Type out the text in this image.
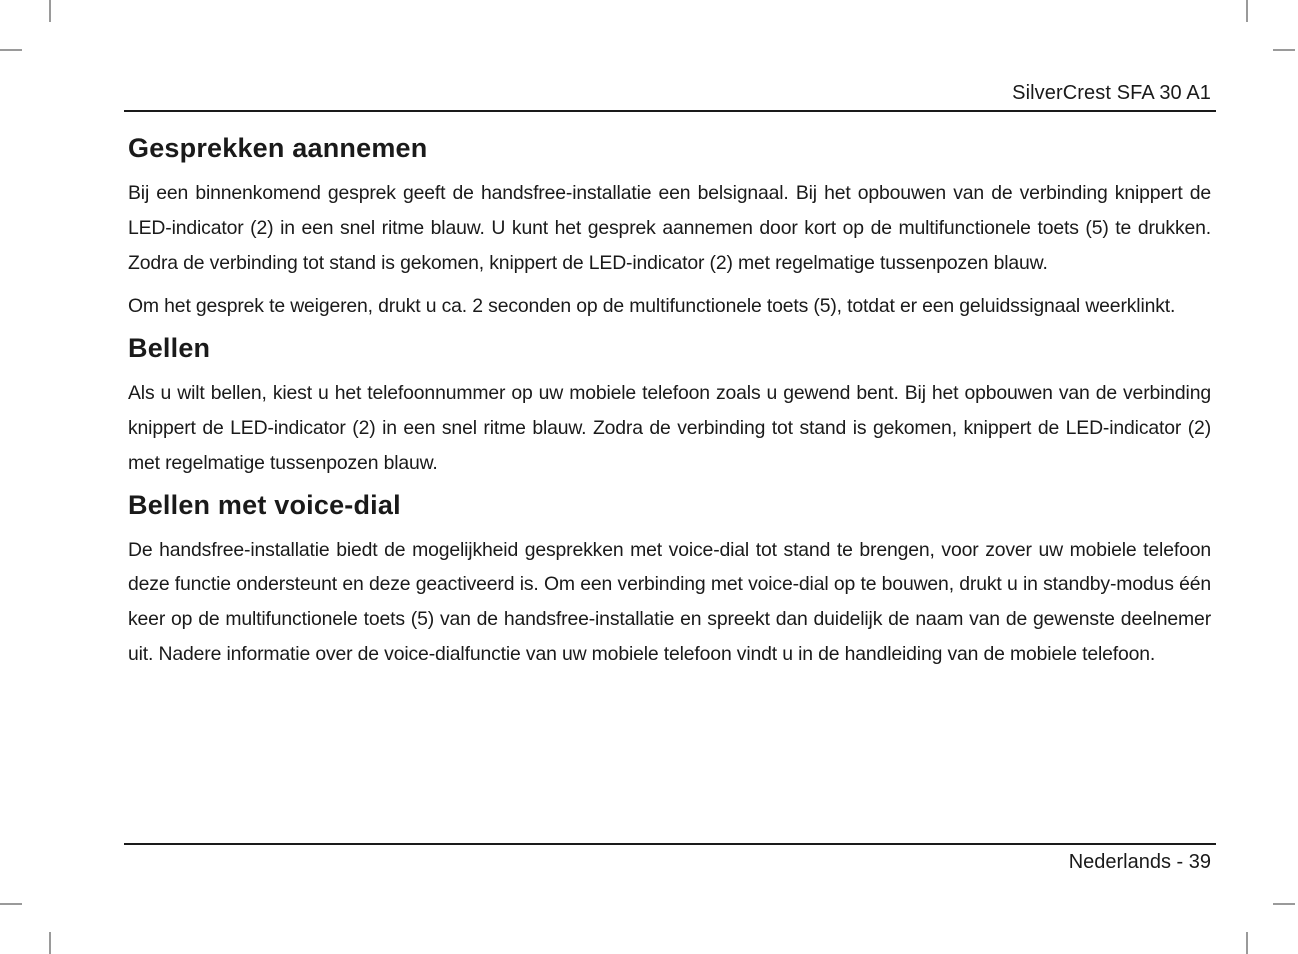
SilverCrest SFA 30 A1
Gesprekken aannemen

Bij een binnenkomend gesprek geeft de handsfree-installatie een belsignaal. Bij het opbouwen van de verbinding knippert de LED-indicator (2) in een snel ritme blauw. U kunt het gesprek aannemen door kort op de multifunctionele toets (5) te drukken. Zodra de verbinding tot stand is gekomen, knippert de LED-indicator (2) met regelmatige tussenpozen blauw.

Om het gesprek te weigeren, drukt u ca. 2 seconden op de multifunctionele toets (5), totdat er een geluidssignaal weerklinkt.

Bellen

Als u wilt bellen, kiest u het telefoonnummer op uw mobiele telefoon zoals u gewend bent. Bij het opbouwen van de verbinding knippert de LED-indicator (2) in een snel ritme blauw. Zodra de verbinding tot stand is gekomen, knippert de LED-indicator (2) met regelmatige tussenpozen blauw.

Bellen met voice-dial

De handsfree-installatie biedt de mogelijkheid gesprekken met voice-dial tot stand te brengen, voor zover uw mobiele telefoon deze functie ondersteunt en deze geactiveerd is. Om een verbinding met voice-dial op te bouwen, drukt u in standby-modus één keer op de multifunctionele toets (5) van de handsfree-installatie en spreekt dan duidelijk de naam van de gewenste deelnemer uit. Nadere informatie over de voice-dialfunctie van uw mobiele telefoon vindt u in de handleiding van de mobiele telefoon.

Nederlands - 39
